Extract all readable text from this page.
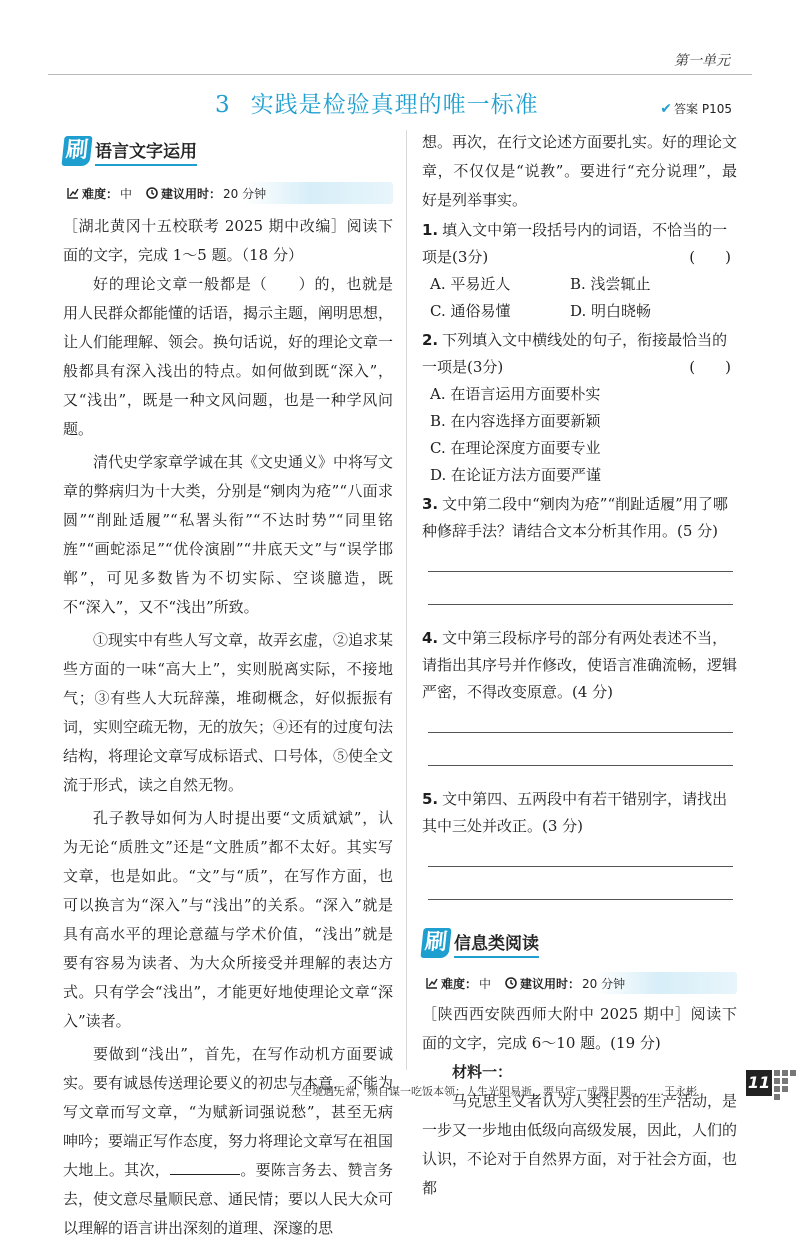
第一单元
3 实践是检验真理的唯一标准	✔ 答案 P105
刷 语言文字运用
难度： 中 建议用时： 20 分钟

［湖北黄冈十五校联考 2025 期中改编］阅读下面的文字，完成 1～5 题。（18 分）

好的理论文章一般都是（ ）的，也就是用人民群众都能懂的话语，揭示主题，阐明思想，让人们能理解、领会。换句话说，好的理论文章一般都具有深入浅出的特点。如何做到既“深入”，又“浅出”，既是一种文风问题，也是一种学风问题。

清代史学家章学诚在其《文史通义》中将写文章的弊病归为十大类，分别是“剜肉为疮”“八面求圆”“削趾适履”“私署头衔”“不达时势”“同里铭旌”“画蛇添足”“优伶演剧”“井底天文”与“误学邯郸”，可见多数皆为不切实际、空谈臆造，既不“深入”，又不“浅出”所致。

①现实中有些人写文章，故弄玄虚，②追求某些方面的一味“高大上”，实则脱离实际，不接地气；③有些人大玩辞藻，堆砌概念，好似振振有词，实则空疏无物，无的放矢；④还有的过度句法结构，将理论文章写成标语式、口号体，⑤使全文流于形式，读之自然无物。

孔子教导如何为人时提出要“文质斌斌”，认为无论“质胜文”还是“文胜质”都不太好。其实写文章，也是如此。“文”与“质”，在写作方面，也可以换言为“深入”与“浅出”的关系。“深入”就是具有高水平的理论意蕴与学术价值，“浅出”就是要有容易为读者、为大众所接受并理解的表达方式。只有学会“浅出”，才能更好地使理论文章“深入”读者。

要做到“浅出”，首先，在写作动机方面要诚实。要有诚恳传送理论要义的初忠与本意，不能为写文章而写文章，“为赋新词强说愁”，甚至无病呻吟；要端正写作态度，努力将理论文章写在祖国大地上。其次，	。要陈言务去、赞言务去，使文意尽量顺民意、通民情；要以人民大众可以理解的语言讲出深刻的道理、深邃的思

想。再次，在行文论述方面要扎实。好的理论文章，不仅仅是“说教”。要进行“充分说理”，最好是列举事实。

1. 填入文中第一段括号内的词语，不恰当的一项是(3分)	(　　)

A. 平易近人	B. 浅尝辄止
C. 通俗易懂	D. 明白晓畅

2. 下列填入文中横线处的句子，衔接最恰当的一项是(3分)	(　　)

A. 在语言运用方面要朴实
B. 在内容选择方面要新颖
C. 在理论深度方面要专业
D. 在论证方法方面要严谨

3. 文中第二段中“剜肉为疮”“削趾适履”用了哪种修辞手法？请结合文本分析其作用。(5 分)

4. 文中第三段标序号的部分有两处表述不当，请指出其序号并作修改，使语言准确流畅，逻辑严密，不得改变原意。(4 分)

5. 文中第四、五两段中有若干错别字，请找出其中三处并改正。(3 分)

刷 信息类阅读
难度： 中 建议用时： 20 分钟

［陕西西安陕西师大附中 2025 期中］阅读下面的文字，完成 6～10 题。(19 分)

材料一：

马克思主义者认为人类社会的生产活动，是一步又一步地由低级向高级发展，因此，人们的认识，不论对于自然界方面，对于社会方面，也都

人生境遇无常，须自谋一吃饭本领；人生光阴易逝，要早定一成器日期。……王永彬	11
